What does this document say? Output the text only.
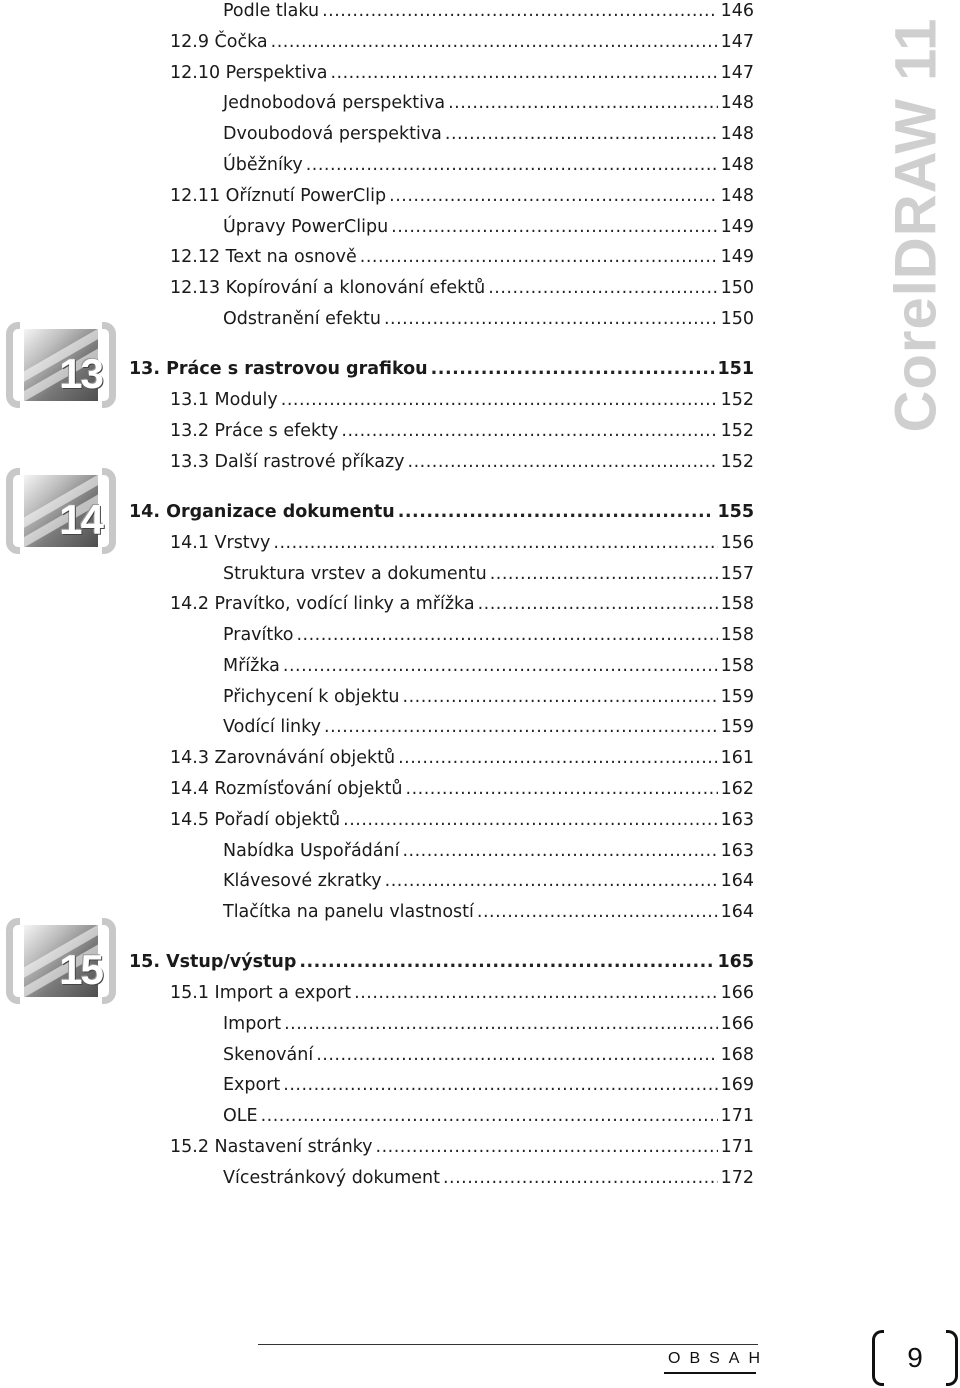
Podle tlaku .....	146
12.9 Čočka .....	147
12.10 Perspektiva .....	147
Jednobodová perspektiva .....	148
Dvoubodová perspektiva .....	148
Úběžníky .....	148
12.11 Oříznutí PowerClip .....	148
Úpravy PowerClipu .....	149
12.12 Text na osnově .....	149
12.13 Kopírování a klonování efektů .....	150
Odstranění efektu .....	150
13. Práce s rastrovou grafikou .....	151
13.1 Moduly .....	152
13.2 Práce s efekty .....	152
13.3 Další rastrové příkazy .....	152
14. Organizace dokumentu .....	155
14.1 Vrstvy .....	156
Struktura vrstev a dokumentu .....	157
14.2 Pravítko, vodící linky a mřížka .....	158
Pravítko .....	158
Mřížka .....	158
Přichycení k objektu .....	159
Vodící linky .....	159
14.3 Zarovnávání objektů .....	161
14.4 Rozmísťování objektů .....	162
14.5 Pořadí objektů .....	163
Nabídka Uspořádání .....	163
Klávesové zkratky .....	164
Tlačítka na panelu vlastností .....	164
15. Vstup/výstup .....	165
15.1 Import a export .....	166
Import .....	166
Skenování .....	168
Export .....	169
OLE .....	171
15.2 Nastavení stránky .....	171
Vícestránkový dokument .....	172
13
14
15
CorelDRAW 11
OBSAH	9
